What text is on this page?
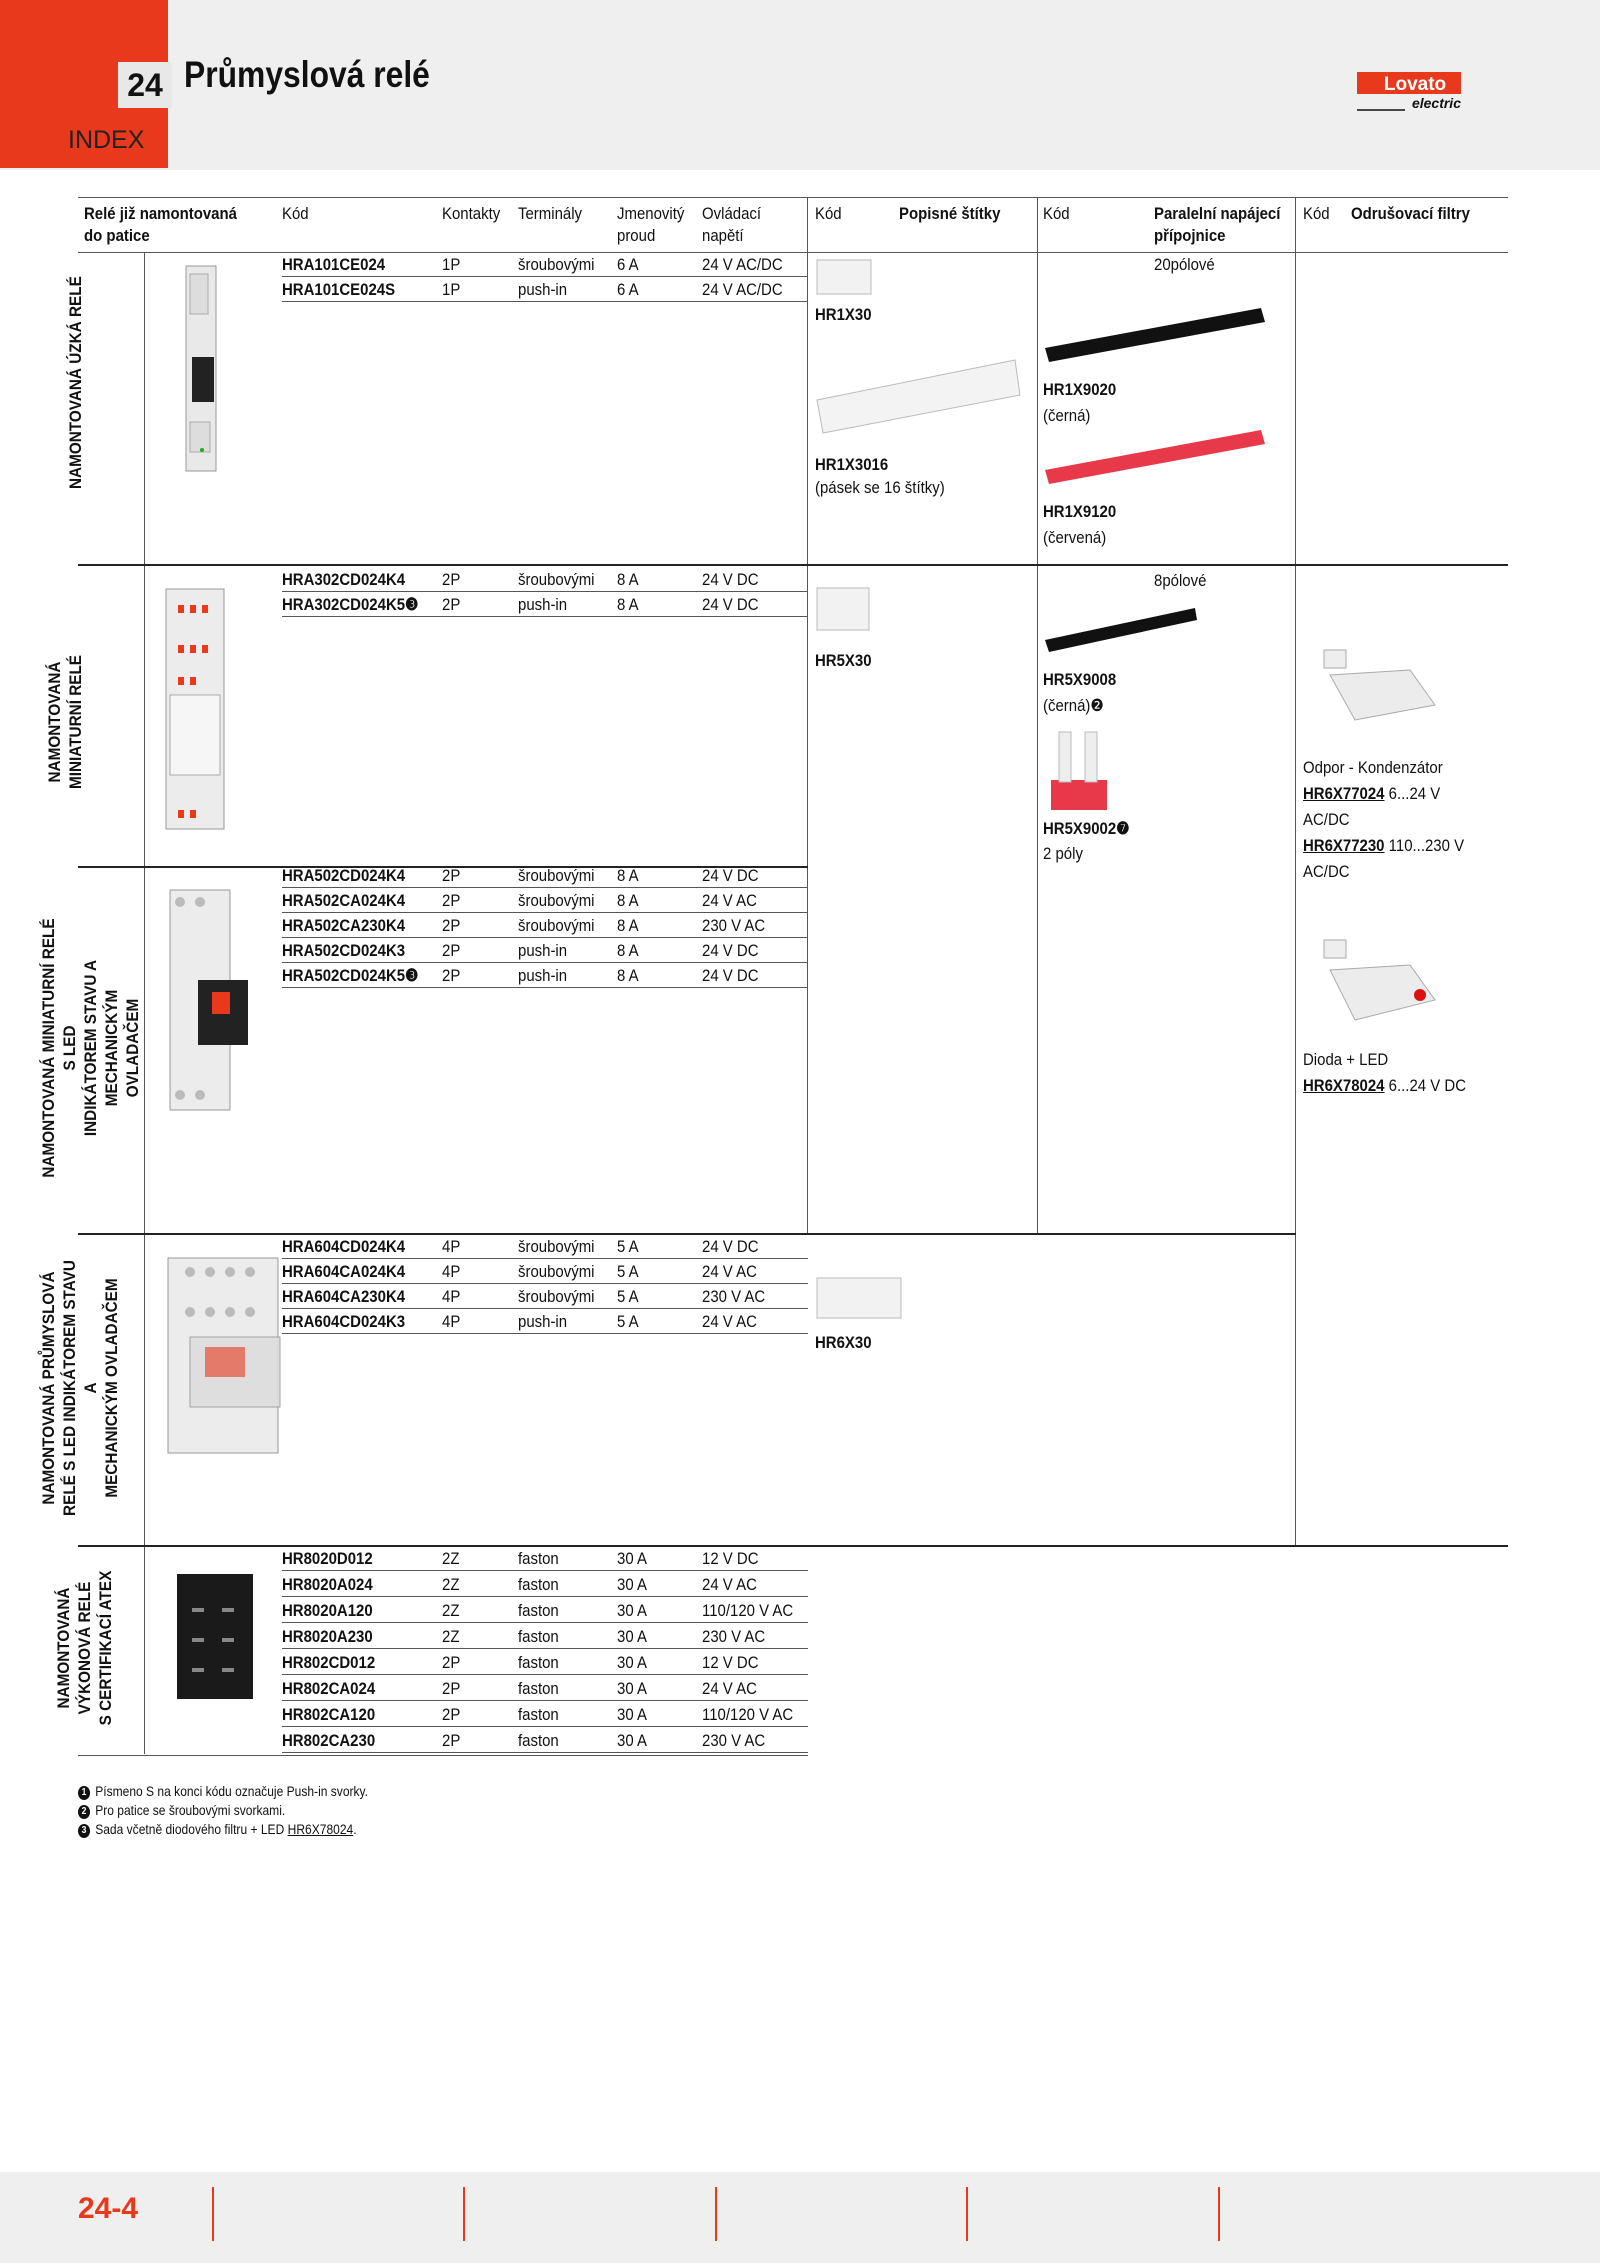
24 Průmyslová relé
INDEX
Lovato
electric
Relé již namontovaná
do patice
Kód	Kontakty Terminály Jmenovitý
proud
Ovládací
napětí
Kód	Popisné štítky	Kód	Paralelní napájecí
přípojnice
Kód Odrušovací filtry
NAMONTOVANÁ ÚZKÁ RELÉ
NAMONTOVANÁ MINIATURNÍ RELÉ
NAMONTOVANÁ MINIATURNÍ RELÉ S LED INDIKÁTOREM STAVU A MECHANICKÝM OVLADAČEM
NAMONTOVANÁ PRŮMYSLOVÁ RELÉ S LED INDIKÁTOREM STAVU A MECHANICKÝM OVLADAČEM
NAMONTOVANÁ VÝKONOVÁ RELÉ S CERTIFIKACÍ ATEX
HRA101CE024	1P	šroubovými 6 A	24 V AC/DC
HRA101CE024S	1P	push-in	6 A	24 V AC/DC
HRA302CD024K4 2P	šroubovými 8 A	24 V DC
HRA302CD024K5❸ 2P	push-in	8 A	24 V DC
HRA502CD024K4 2P	šroubovými 8 A	24 V DC
HRA502CA024K4 2P	šroubovými 8 A	24 V AC
HRA502CA230K4 2P	šroubovými 8 A	230 V AC
HRA502CD024K3 2P	push-in	8 A	24 V DC
HRA502CD024K5❸ 2P	push-in	8 A	24 V DC
HRA604CD024K4 4P	šroubovými 5 A	24 V DC
HRA604CA024K4 4P	šroubovými 5 A	24 V AC
HRA604CA230K4 4P	šroubovými 5 A	230 V AC
HRA604CD024K3 4P	push-in	5 A	24 V AC
HR8020D012	2Z	faston	30 A	12 V DC
HR8020A024	2Z	faston	30 A	24 V AC
HR8020A120	2Z	faston	30 A	110/120 V AC
HR8020A230	2Z	faston	30 A	230 V AC
HR802CD012	2P	faston	30 A	12 V DC
HR802CA024	2P	faston	30 A	24 V AC
HR802CA120	2P	faston	30 A	110/120 V AC
HR802CA230	2P	faston	30 A	230 V AC
HR1X30
HR1X3016
(pásek se 16 štítky)
HR5X30
HR6X30
20pólové
HR1X9020
(černá)
HR1X9120
(červená)
8pólové
HR5X9008
(černá)❷
HR5X9002❼
2 póly
Odpor - Kondenzátor
HR6X77024 6...24 V
AC/DC
HR6X77230 110...230 V
AC/DC
Dioda + LED
HR6X78024 6...24 V DC
1 Písmeno S na konci kódu označuje Push-in svorky.
2 Pro patice se šroubovými svorkami.
3 Sada včetně diodového filtru + LED HR6X78024.
24-4
